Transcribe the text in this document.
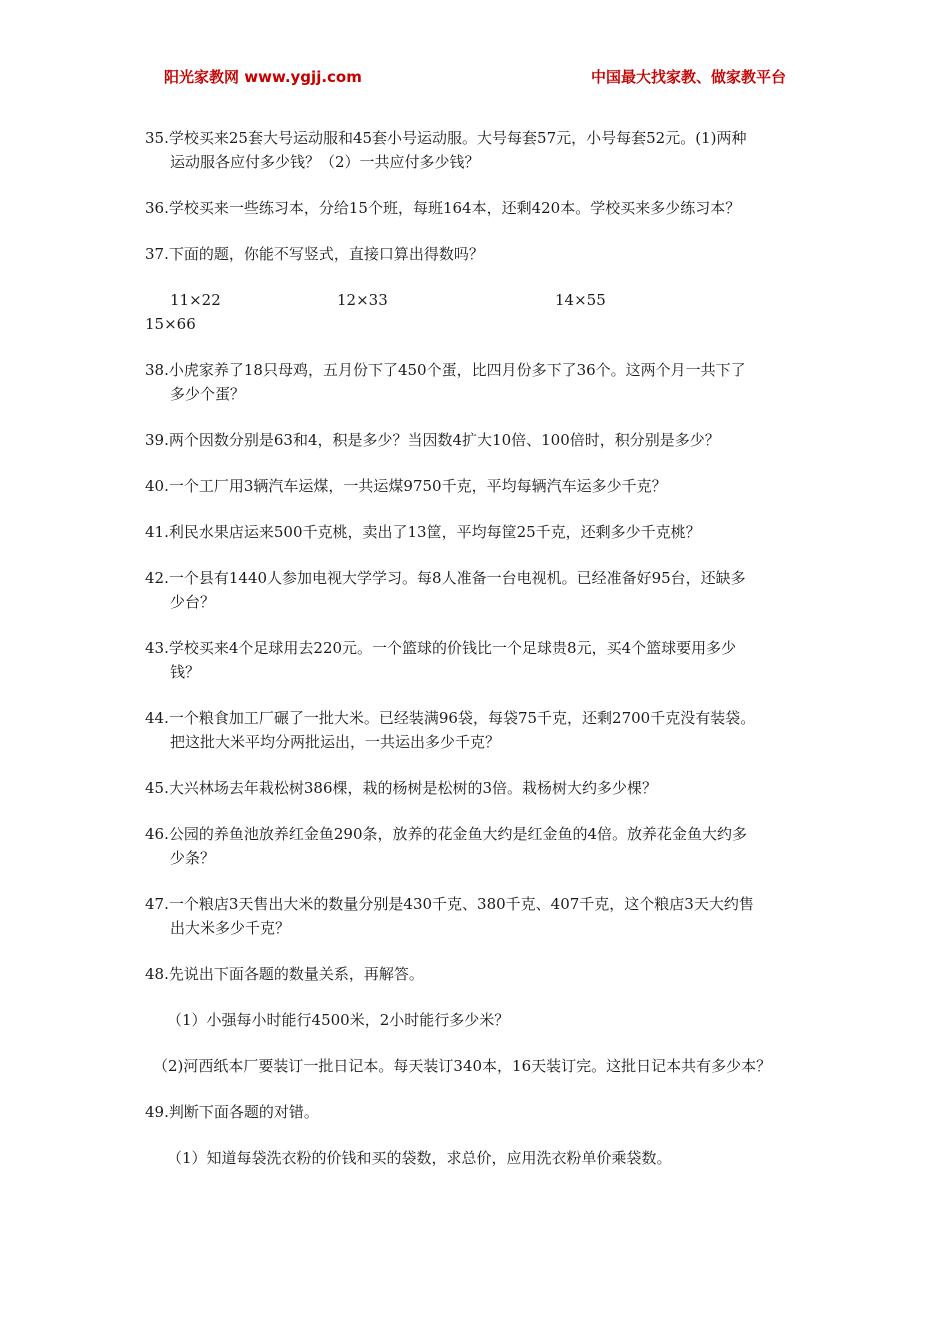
阳光家教网 www.ygjj.com	中国最大找家教、做家教平台
35.学校买来25套大号运动服和45套小号运动服。大号每套57元，小号每套52元。(1)两种
运动服各应付多少钱？（2）一共应付多少钱？
36.学校买来一些练习本，分给15个班，每班164本，还剩420本。学校买来多少练习本？
37.下面的题，你能不写竖式，直接口算出得数吗？
11×22	12×33	14×55
15×66
38.小虎家养了18只母鸡，五月份下了450个蛋，比四月份多下了36个。这两个月一共下了
多少个蛋？
39.两个因数分别是63和4，积是多少？当因数4扩大10倍、100倍时，积分别是多少？
40.一个工厂用3辆汽车运煤，一共运煤9750千克，平均每辆汽车运多少千克？
41.利民水果店运来500千克桃，卖出了13筐，平均每筐25千克，还剩多少千克桃？
42.一个县有1440人参加电视大学学习。每8人准备一台电视机。已经准备好95台，还缺多
少台？
43.学校买来4个足球用去220元。一个篮球的价钱比一个足球贵8元，买4个篮球要用多少
钱？
44.一个粮食加工厂碾了一批大米。已经装满96袋，每袋75千克，还剩2700千克没有装袋。
把这批大米平均分两批运出，一共运出多少千克？
45.大兴林场去年栽松树386棵，栽的杨树是松树的3倍。栽杨树大约多少棵？
46.公园的养鱼池放养红金鱼290条，放养的花金鱼大约是红金鱼的4倍。放养花金鱼大约多
少条？
47.一个粮店3天售出大米的数量分别是430千克、380千克、407千克，这个粮店3天大约售
出大米多少千克？
48.先说出下面各题的数量关系，再解答。
（1）小强每小时能行4500米，2小时能行多少米？
（2)河西纸本厂要装订一批日记本。每天装订340本，16天装订完。这批日记本共有多少本？
49.判断下面各题的对错。
（1）知道每袋洗衣粉的价钱和买的袋数，求总价，应用洗衣粉单价乘袋数。
